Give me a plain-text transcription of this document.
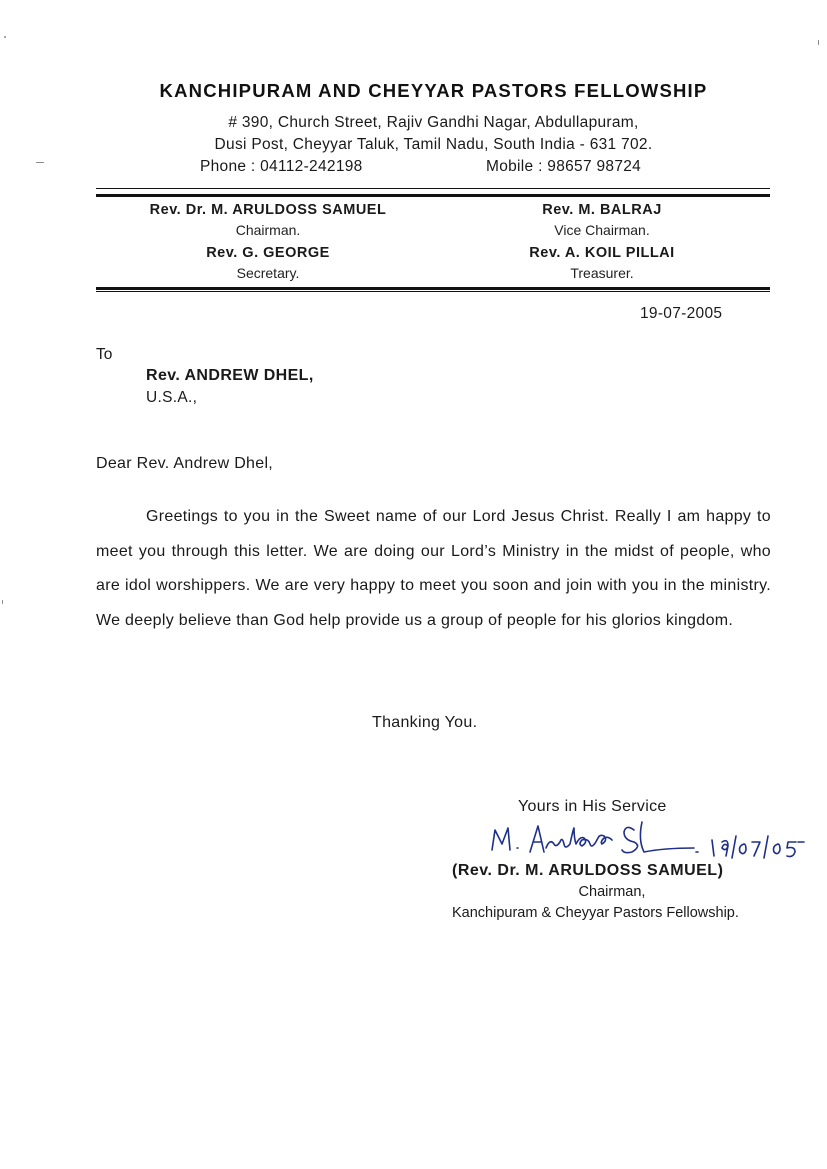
KANCHIPURAM AND CHEYYAR PASTORS FELLOWSHIP
# 390, Church Street, Rajiv Gandhi Nagar, Abdullapuram,
Dusi Post, Cheyyar Taluk, Tamil Nadu, South India - 631 702.
Phone : 04112-242198	Mobile : 98657 98724
Rev. Dr. M. ARULDOSS SAMUEL
Chairman.
Rev. M. BALRAJ
Vice Chairman.
Rev. G. GEORGE
Secretary.
Rev. A. KOIL PILLAI
Treasurer.
19-07-2005
To
Rev. ANDREW DHEL,
U.S.A.,
Dear Rev. Andrew Dhel,
Greetings to you in the Sweet name of our Lord Jesus Christ. Really I am happy to meet you through this letter. We are doing our Lord’s Ministry in the midst of people, who are idol worshippers. We are very happy to meet you soon and join with you in the ministry. We deeply believe than God help provide us a group of people for his glorios kingdom.
Thanking You.
Yours in His Service
(Rev. Dr. M. ARULDOSS SAMUEL)
Chairman,
Kanchipuram & Cheyyar Pastors Fellowship.
